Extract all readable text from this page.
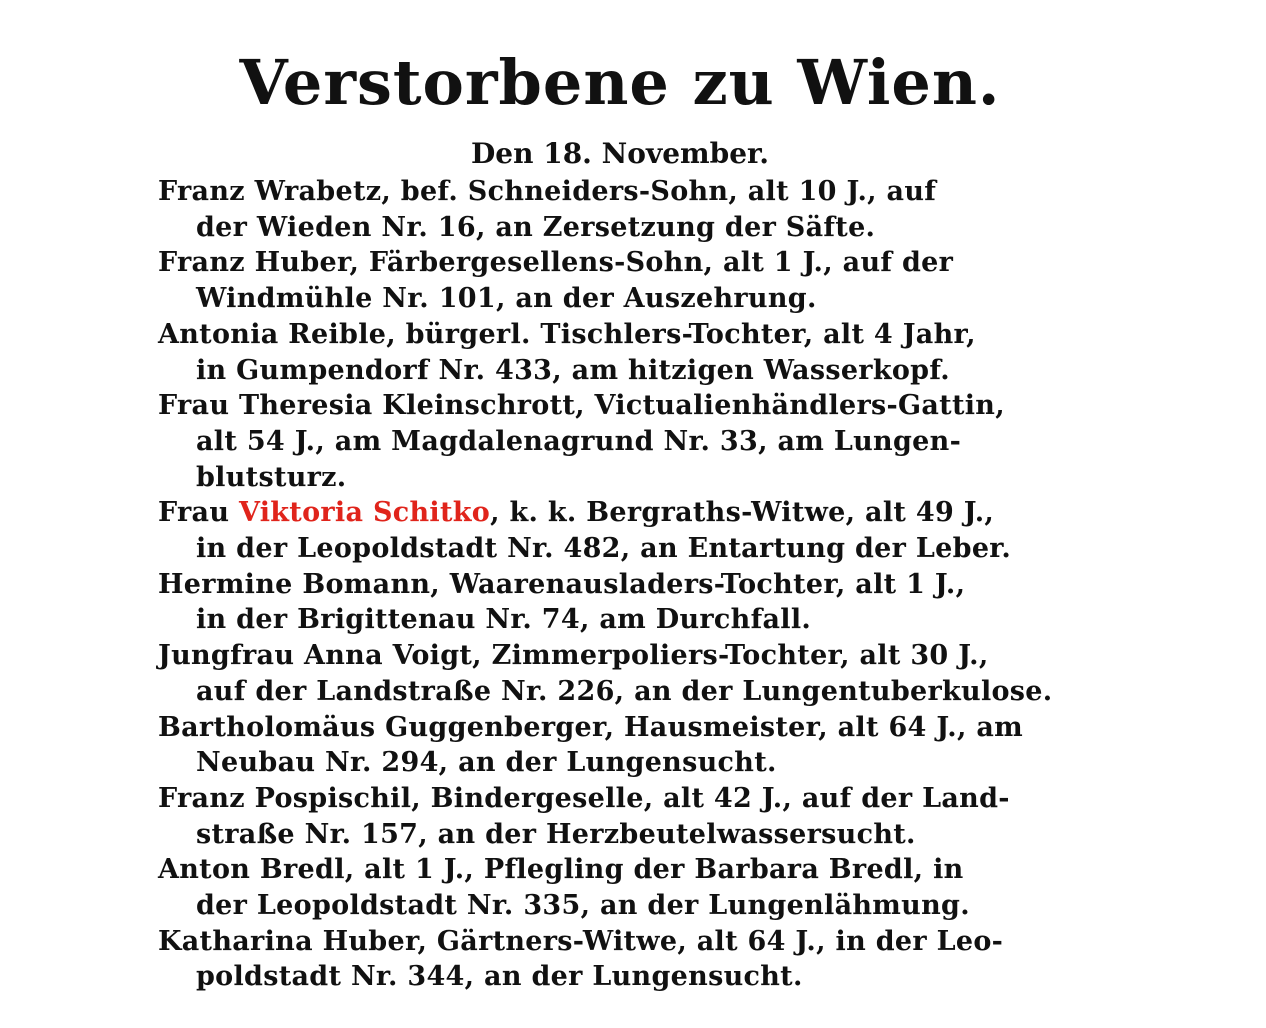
Verstorbene zu Wien.
Den 18. November.
Franz Wrabetz, bef. Schneiders-Sohn, alt 10 J., auf
der Wieden Nr. 16, an Zersetzung der Säfte.
Franz Huber, Färbergesellens-Sohn, alt 1 J., auf der
Windmühle Nr. 101, an der Auszehrung.
Antonia Reible, bürgerl. Tischlers-Tochter, alt 4 Jahr,
in Gumpendorf Nr. 433, am hitzigen Wasserkopf.
Frau Theresia Kleinschrott, Victualienhändlers-Gattin,
alt 54 J., am Magdalenagrund Nr. 33, am Lungen-
blutsturz.
Frau Viktoria Schitko, k. k. Bergraths-Witwe, alt 49 J.,
in der Leopoldstadt Nr. 482, an Entartung der Leber.
Hermine Bomann, Waarenausladers-Tochter, alt 1 J.,
in der Brigittenau Nr. 74, am Durchfall.
Jungfrau Anna Voigt, Zimmerpoliers-Tochter, alt 30 J.,
auf der Landstraße Nr. 226, an der Lungentuberkulose.
Bartholomäus Guggenberger, Hausmeister, alt 64 J., am
Neubau Nr. 294, an der Lungensucht.
Franz Pospischil, Bindergeselle, alt 42 J., auf der Land-
straße Nr. 157, an der Herzbeutelwassersucht.
Anton Bredl, alt 1 J., Pflegling der Barbara Bredl, in
der Leopoldstadt Nr. 335, an der Lungenlähmung.
Katharina Huber, Gärtners-Witwe, alt 64 J., in der Leo-
poldstadt Nr. 344, an der Lungensucht.
